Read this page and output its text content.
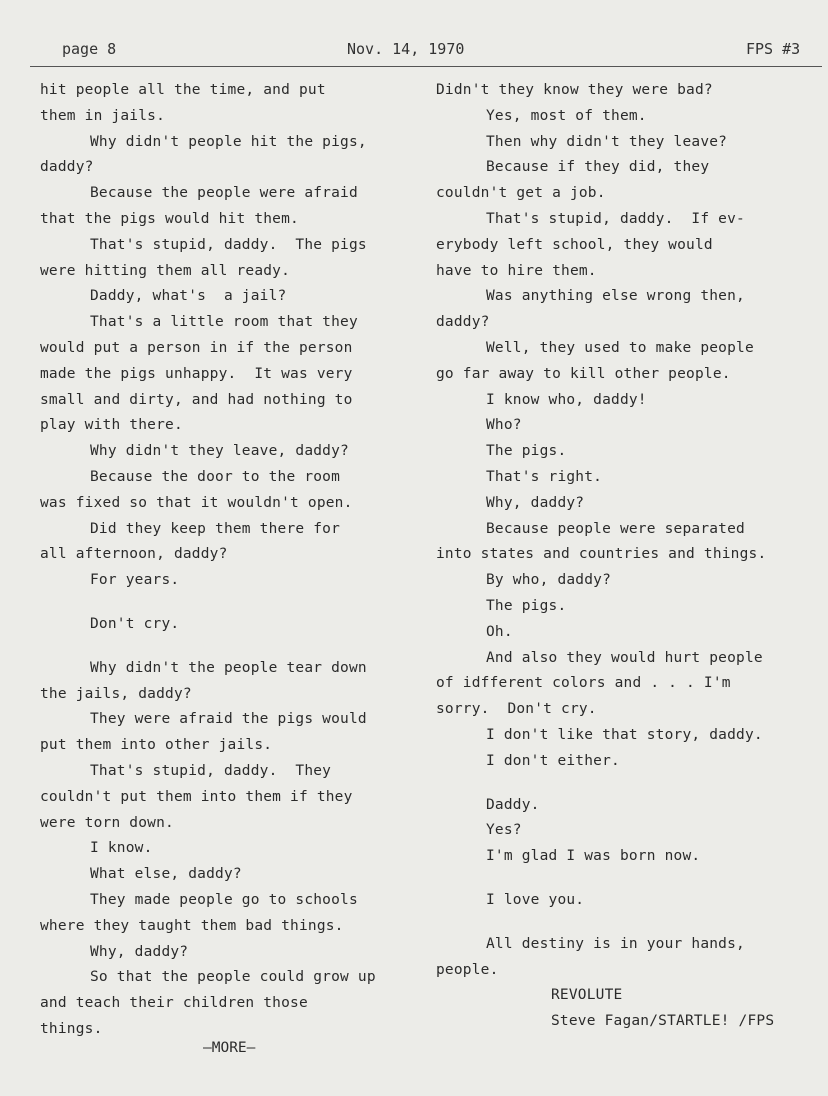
page 8	Nov. 14, 1970	FPS #3

hit people all the time, and put

them in jails.

Why didn't people hit the pigs,

daddy?

Because the people were afraid

that the pigs would hit them.

That's stupid, daddy.  The pigs

were hitting them all ready.

Daddy, what's  a jail?

That's a little room that they

would put a person in if the person

made the pigs unhappy.  It was very

small and dirty, and had nothing to

play with there.

Why didn't they leave, daddy?

Because the door to the room

was fixed so that it wouldn't open.

Did they keep them there for

all afternoon, daddy?

For years.

Don't cry.

Why didn't the people tear down

the jails, daddy?

They were afraid the pigs would

put them into other jails.

That's stupid, daddy.  They

couldn't put them into them if they

were torn down.

I know.

What else, daddy?

They made people go to schools

where they taught them bad things.

Why, daddy?

So that the people could grow up

and teach their children those

things.

Didn't they know they were bad?

Yes, most of them.

Then why didn't they leave?

Because if they did, they

couldn't get a job.

That's stupid, daddy.  If ev-

erybody left school, they would

have to hire them.

Was anything else wrong then,

daddy?

Well, they used to make people

go far away to kill other people.

I know who, daddy!

Who?

The pigs.

That's right.

Why, daddy?

Because people were separated

into states and countries and things.

By who, daddy?

The pigs.

Oh.

And also they would hurt people

of idfferent colors and . . . I'm

sorry.  Don't cry.

I don't like that story, daddy.

I don't either.

Daddy.

Yes?

I'm glad I was born now.

I love you.

All destiny is in your hands,

people.

REVOLUTE

Steve Fagan/STARTLE! /FPS

—MORE—
